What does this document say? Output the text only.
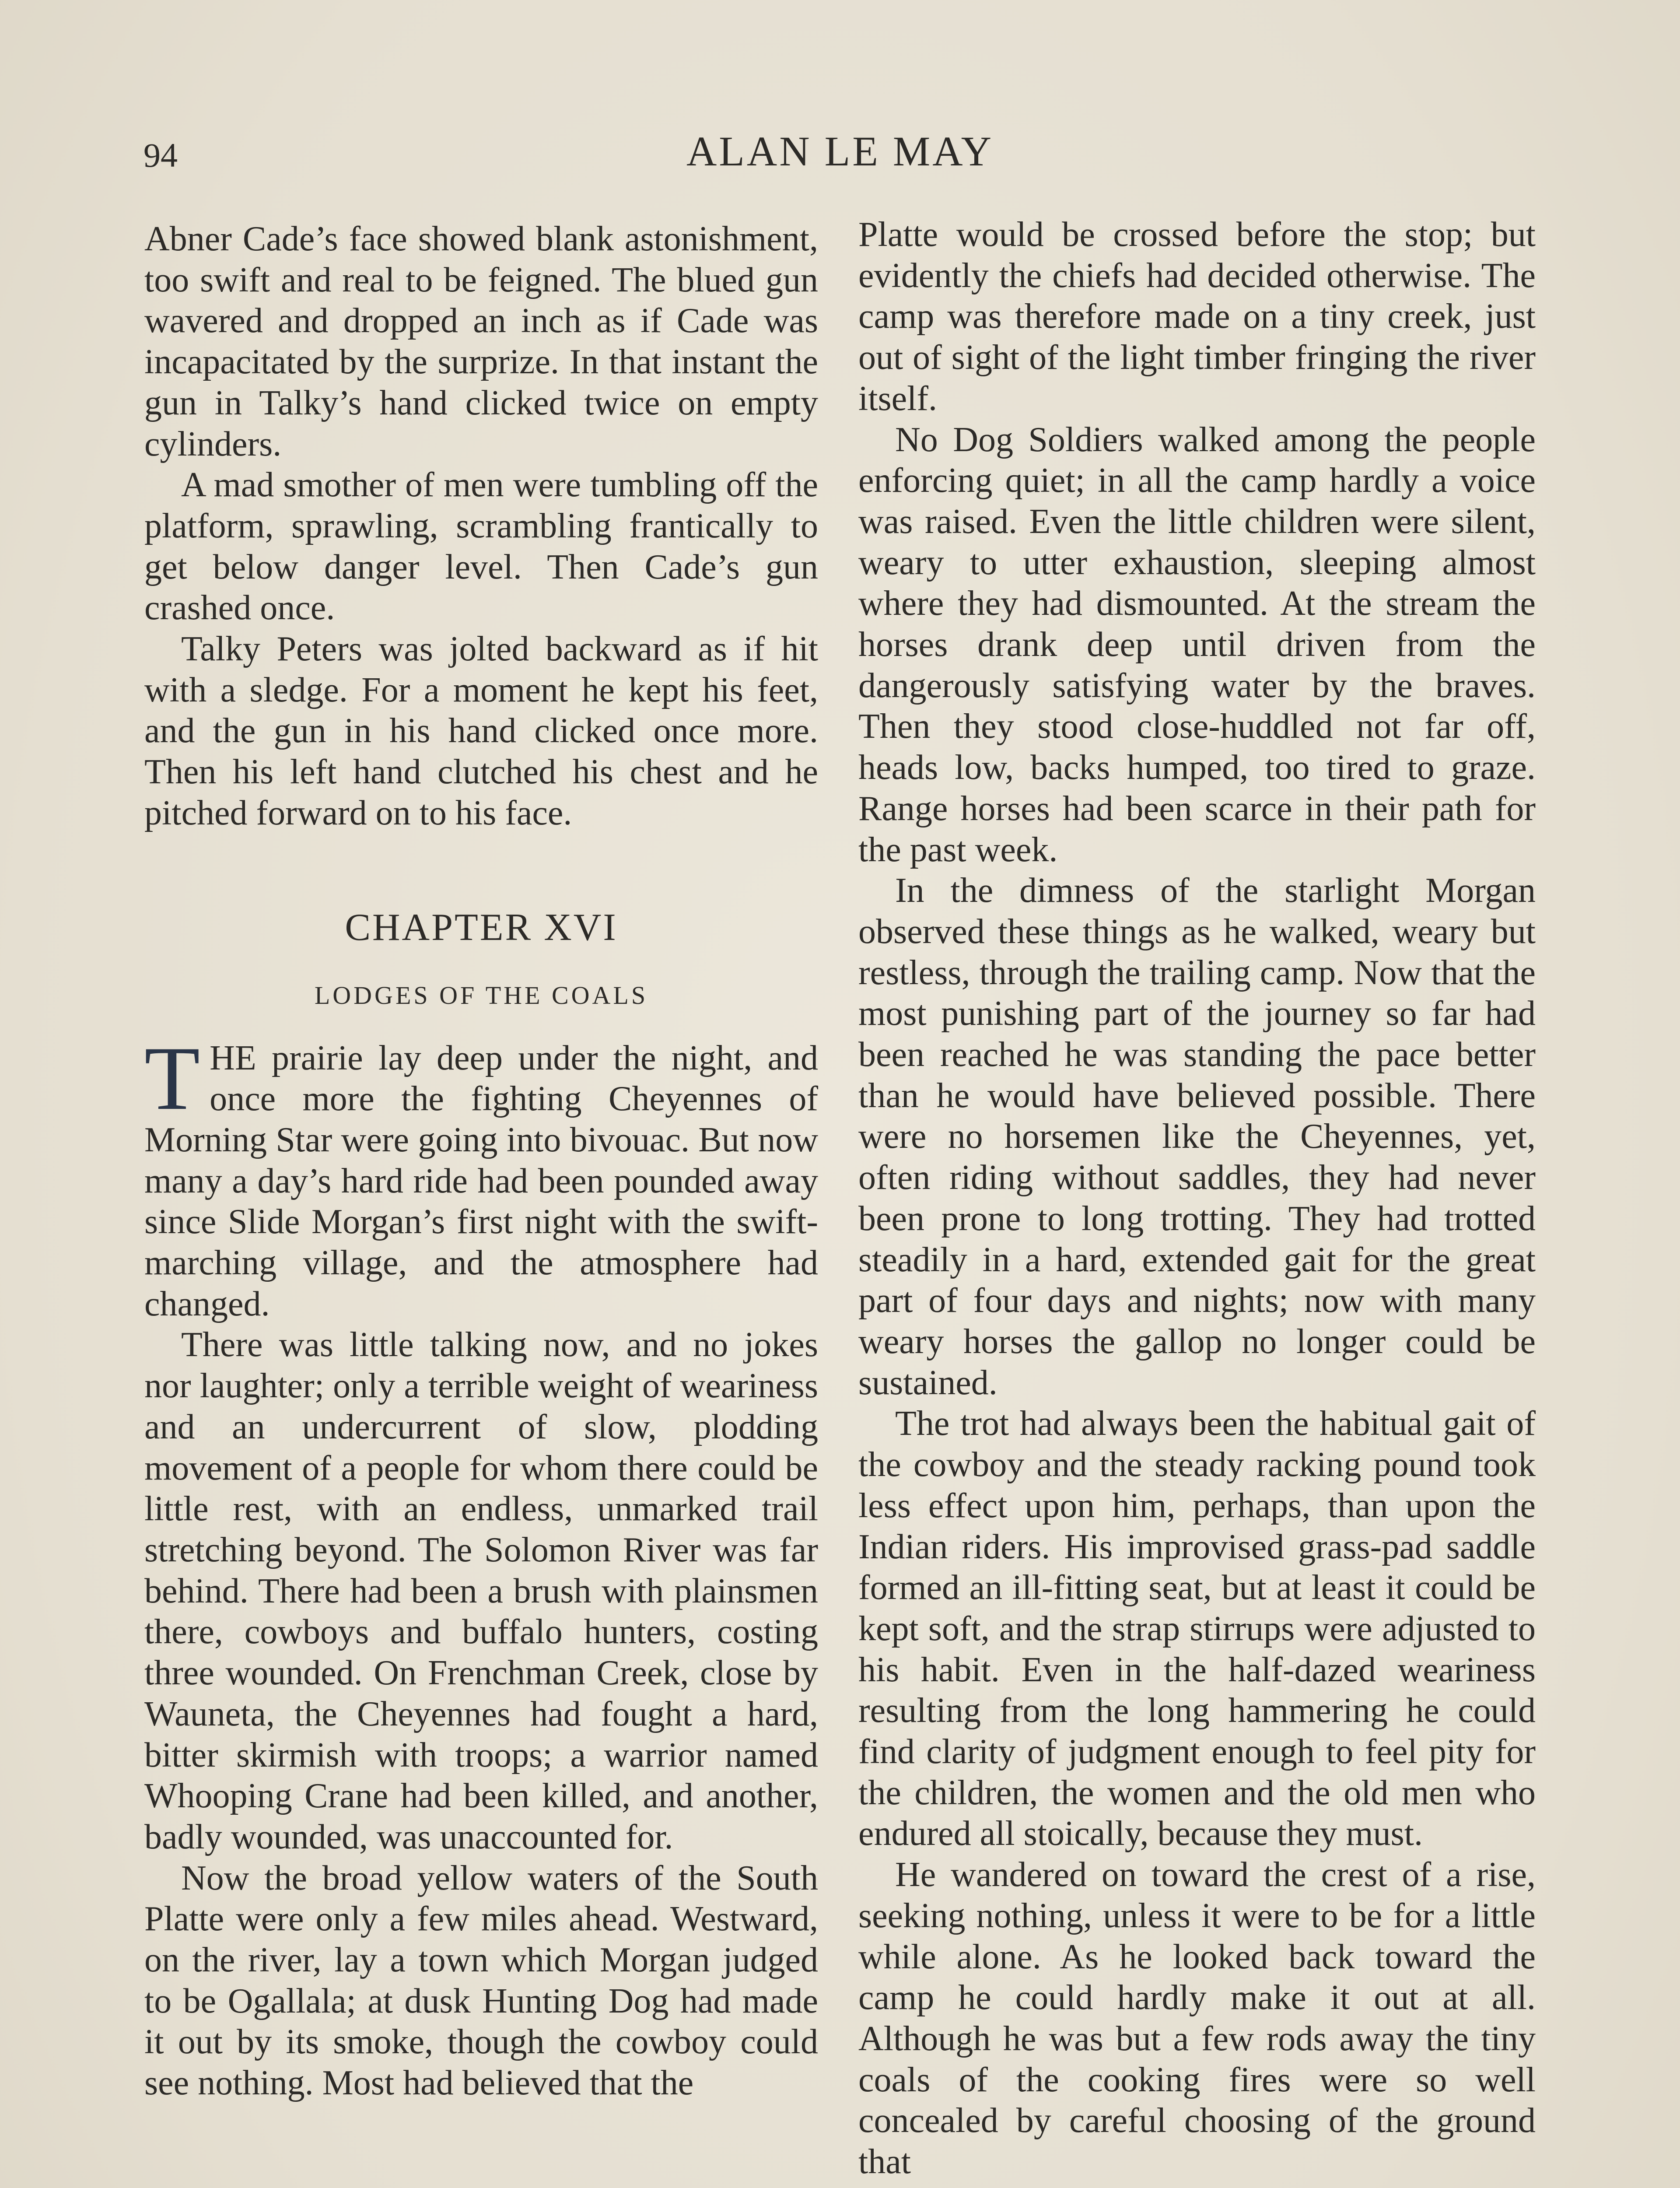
94	ALAN LE MAY

Abner Cade’s face showed blank astonishment, too swift and real to be feigned. The blued gun wavered and dropped an inch as if Cade was incapacitated by the surprize. In that instant the gun in Talky’s hand clicked twice on empty cylinders.

A mad smother of men were tumbling off the platform, sprawling, scrambling frantically to get below danger level. Then Cade’s gun crashed once.

Talky Peters was jolted backward as if hit with a sledge. For a moment he kept his feet, and the gun in his hand clicked once more. Then his left hand clutched his chest and he pitched forward on to his face.

CHAPTER XVI
LODGES OF THE COALS

THE prairie lay deep under the night, and once more the fighting Cheyennes of Morning Star were going into bivouac. But now many a day’s hard ride had been pounded away since Slide Morgan’s first night with the swift-marching village, and the atmosphere had changed.

There was little talking now, and no jokes nor laughter; only a terrible weight of weariness and an undercurrent of slow, plodding movement of a people for whom there could be little rest, with an endless, unmarked trail stretching beyond. The Solomon River was far behind. There had been a brush with plainsmen there, cowboys and buffalo hunters, costing three wounded. On Frenchman Creek, close by Wauneta, the Cheyennes had fought a hard, bitter skirmish with troops; a warrior named Whooping Crane had been killed, and another, badly wounded, was unaccounted for.

Now the broad yellow waters of the South Platte were only a few miles ahead. Westward, on the river, lay a town which Morgan judged to be Ogallala; at dusk Hunting Dog had made it out by its smoke, though the cowboy could see nothing. Most had believed that the

Platte would be crossed before the stop; but evidently the chiefs had decided otherwise. The camp was therefore made on a tiny creek, just out of sight of the light timber fringing the river itself.

No Dog Soldiers walked among the people enforcing quiet; in all the camp hardly a voice was raised. Even the little children were silent, weary to utter exhaustion, sleeping almost where they had dismounted. At the stream the horses drank deep until driven from the dangerously satisfying water by the braves. Then they stood close-huddled not far off, heads low, backs humped, too tired to graze. Range horses had been scarce in their path for the past week.

In the dimness of the starlight Morgan observed these things as he walked, weary but restless, through the trailing camp. Now that the most punishing part of the journey so far had been reached he was standing the pace better than he would have believed possible. There were no horsemen like the Cheyennes, yet, often riding without saddles, they had never been prone to long trotting. They had trotted steadily in a hard, extended gait for the great part of four days and nights; now with many weary horses the gallop no longer could be sustained.

The trot had always been the habitual gait of the cowboy and the steady racking pound took less effect upon him, perhaps, than upon the Indian riders. His improvised grass-pad saddle formed an ill-fitting seat, but at least it could be kept soft, and the strap stirrups were adjusted to his habit. Even in the half-dazed weariness resulting from the long hammering he could find clarity of judgment enough to feel pity for the children, the women and the old men who endured all stoically, because they must.

He wandered on toward the crest of a rise, seeking nothing, unless it were to be for a little while alone. As he looked back toward the camp he could hardly make it out at all. Although he was but a few rods away the tiny coals of the cooking fires were so well concealed by careful choosing of the ground that
